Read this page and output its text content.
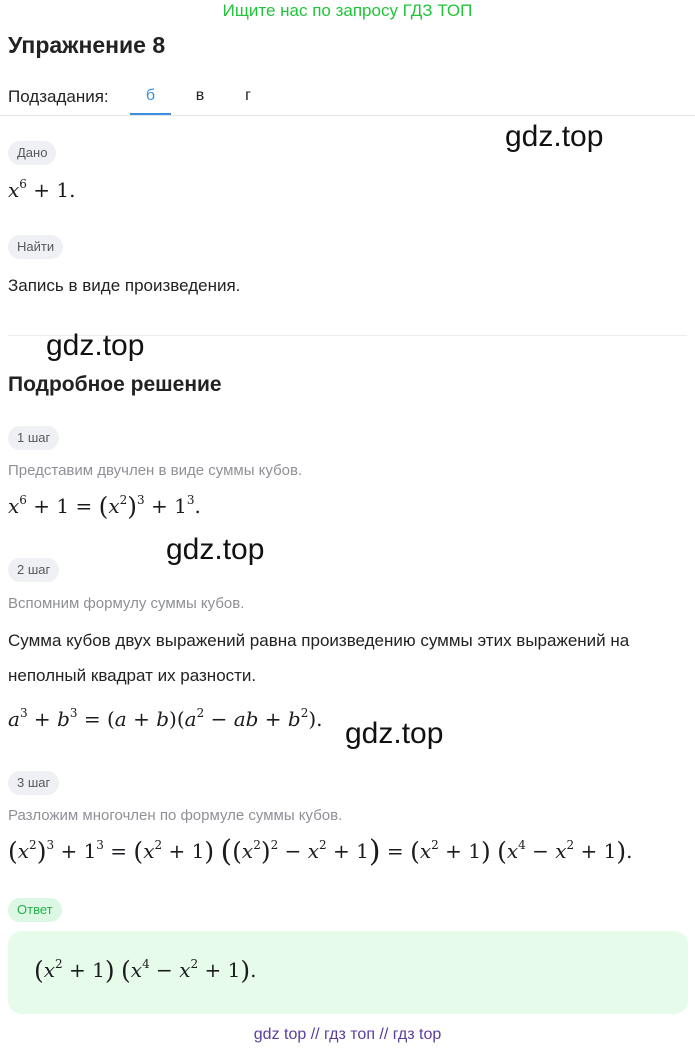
Ищите нас по запросу ГДЗ ТОП
Упражнение 8
Подзадания:	б	в	г
gdz.top
Дано
$x^6 + 1$.
Найти
Запись в виде произведения.
gdz.top
Подробное решение
1 шаг
Представим двучлен в виде суммы кубов.
$x^6 + 1 = (x^2)^3 + 1^3$.
gdz.top
2 шаг
Вспомним формулу суммы кубов.
Сумма кубов двух выражений равна произведению суммы этих выражений на
неполный квадрат их разности.
$a^3 + b^3 = (a + b)(a^2$ − ab + $b^2$). gdz.top
3 шаг
Разложим многочлен по формуле суммы кубов.
$(x^2)^3 + 1^3 = (x^2 + 1) ((x^2)^2 - x^2 + 1) = (x^2 + 1) (x^4 - x^2 + 1)$.
Ответ
$(x^2 + 1) (x^4 - x^2 + 1)$.
gdz top // гдз топ // гдз top
